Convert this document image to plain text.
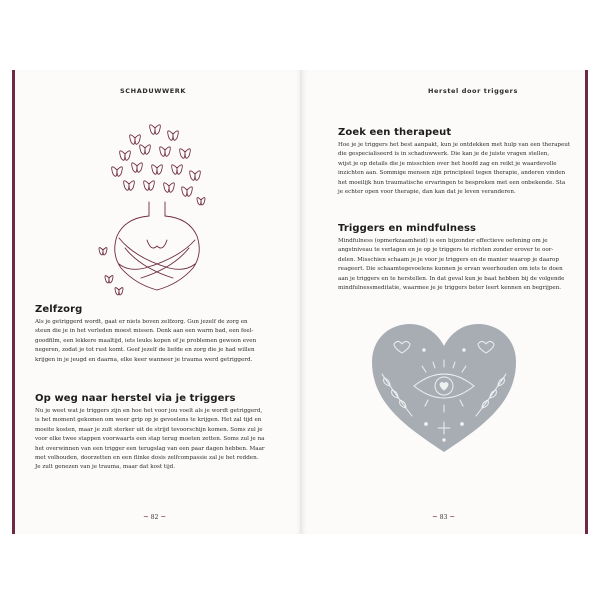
SCHADUWWERK
Zelfzorg
Als je getriggerd wordt, gaat er niets boven zelfzorg. Gun jezelf de zorg en
steun die je in het verleden moest missen. Denk aan een warm bad, een feel-
goodfilm, een lekkere maaltijd, iets leuks kopen of je problemen gewoon even
negeren, zodat je tot rust komt. Geef jezelf de liefde en zorg die je had willen
krijgen in je jeugd en daarna, elke keer wanneer je trauma werd getriggerd.
Op weg naar herstel via je triggers
Nu je weet wat je triggers zijn en hoe het voor jou voelt als je wordt getriggerd,
is het moment gekomen om weer grip op je gevoelens te krijgen. Het zal tijd en
moeite kosten, maar je zult sterker uit de strijd tevoorschijn komen. Soms zul je
voor elke twee stappen voorwaarts een stap terug moeten zetten. Soms zul je na
het overwinnen van een trigger een terugslag van een paar dagen hebben. Maar
met volhouden, doorzetten en een flinke dosis zelfcompassie zal je het redden.
Je zult genezen van je trauma, maar dat kost tijd.
~ 82 ~
Herstel door triggers
Zoek een therapeut
Hoe je je triggers het best aanpakt, kun je ontdekken met hulp van een therapeut
die gespecialiseerd is in schaduwwerk. Die kan je de juiste vragen stellen,
wijst je op details die je misschien over het hoofd zag en reikt je waardevolle
inzichten aan. Sommige mensen zijn principieel tegen therapie, anderen vinden
het moeilijk hun traumatische ervaringen te bespreken met een onbekende. Sta
je echter open voor therapie, dan kan dat je leven veranderen.
Triggers en mindfulness
Mindfulness (opmerkzaamheid) is een bijzonder effectieve oefening om je
angstniveau te verlagen en je op je triggers te richten zonder erover te oor-
delen. Misschien schaam je je voor je triggers en de manier waarop je daarop
reageert. Die schaamtegevoelens kunnen je ervan weerhouden om iets te doen
aan je triggers en te herstellen. In dat geval kun je baat hebben bij de volgende
mindfulnessmeditatie, waarmee je je triggers beter leert kennen en begrijpen.
~ 83 ~
